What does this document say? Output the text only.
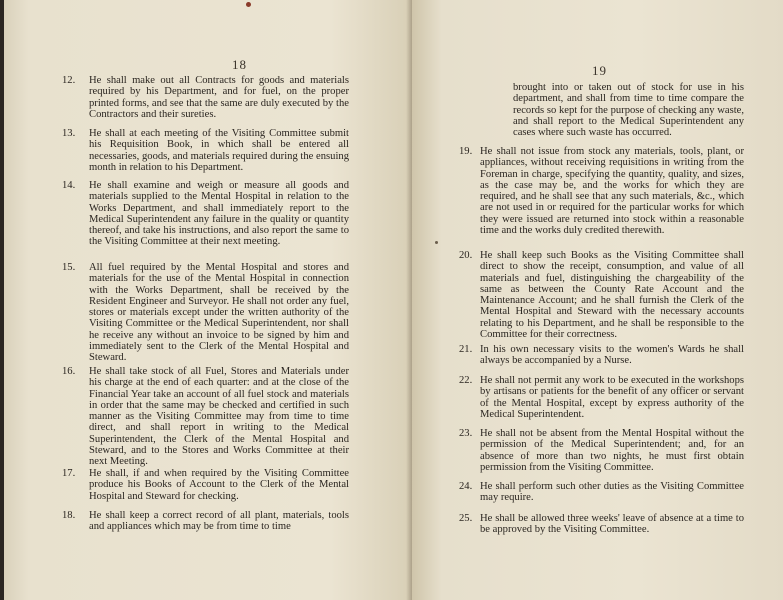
18
12.	He shall make out all Contracts for goods and materials required by his Department, and for fuel, on the proper printed forms, and see that the same are duly executed by the Contractors and their sureties.
13.	He shall at each meeting of the Visiting Committee submit his Requisition Book, in which shall be entered all necessaries, goods, and materials required during the ensuing month in relation to his Department.
14.	He shall examine and weigh or measure all goods and materials supplied to the Mental Hospital in relation to the Works Department, and shall immediately report to the Medical Superintendent any failure in the quality or quantity thereof, and take his instructions, and also report the same to the Visiting Committee at their next meeting.
15.	All fuel required by the Mental Hospital and stores and materials for the use of the Mental Hospital in connection with the Works Department, shall be received by the Resident Engineer and Surveyor. He shall not order any fuel, stores or materials except under the written authority of the Visiting Committee or the Medical Superintendent, nor shall he receive any without an invoice to be signed by him and immediately sent to the Clerk of the Mental Hospital and Steward.
16.	He shall take stock of all Fuel, Stores and Materials under his charge at the end of each quarter: and at the close of the Financial Year take an account of all fuel stock and materials in order that the same may be checked and certified in such manner as the Visiting Committee may from time to time direct, and shall report in writing to the Medical Superintendent, the Clerk of the Mental Hospital and Steward, and to the Stores and Works Committee at their next Meeting.
17.	He shall, if and when required by the Visiting Committee produce his Books of Account to the Clerk of the Mental Hospital and Steward for checking.
18.	He shall keep a correct record of all plant, materials, tools and appliances which may be from time to time
19
brought into or taken out of stock for use in his department, and shall from time to time compare the records so kept for the purpose of checking any waste, and shall report to the Medical Superintendent any cases where such waste has occurred.
19. He shall not issue from stock any materials, tools, plant, or appliances, without receiving requisitions in writing from the Foreman in charge, specifying the quantity, quality, and sizes, as the case may be, and the works for which they are required, and he shall see that any such materials, &c., which are not used in or required for the particular works for which they were issued are returned into stock within a reasonable time and the works duly credited therewith.
20. He shall keep such Books as the Visiting Committee shall direct to show the receipt, consumption, and value of all materials and fuel, distinguishing the chargeability of the same as between the County Rate Account and the Maintenance Account; and he shall furnish the Clerk of the Mental Hospital and Steward with the necessary accounts relating to his Department, and he shall be responsible to the Committee for their correctness.
21. In his own necessary visits to the women's Wards he shall always be accompanied by a Nurse.
22. He shall not permit any work to be executed in the workshops by artisans or patients for the benefit of any officer or servant of the Mental Hospital, except by express authority of the Medical Superintendent.
23. He shall not be absent from the Mental Hospital without the permission of the Medical Superintendent; and, for an absence of more than two nights, he must first obtain permission from the Visiting Committee.
24. He shall perform such other duties as the Visiting Committee may require.
25. He shall be allowed three weeks' leave of absence at a time to be approved by the Visiting Committee.
